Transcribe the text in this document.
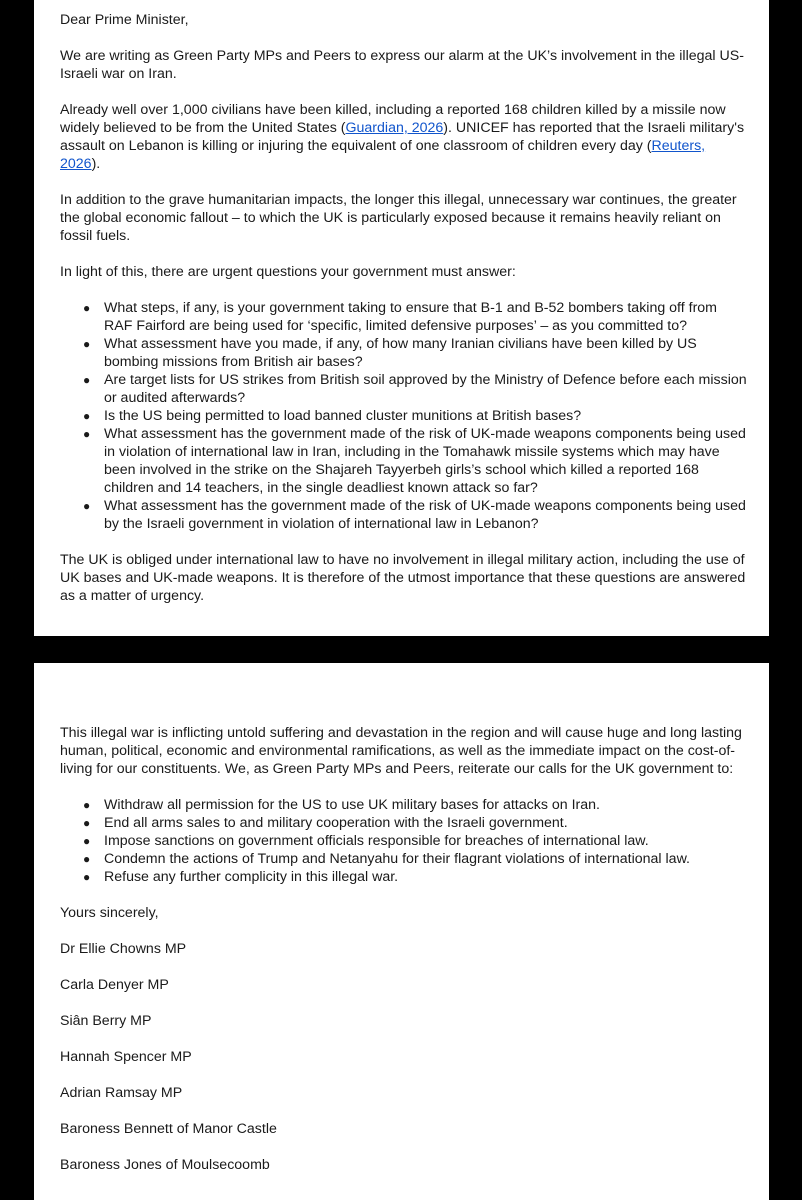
Dear Prime Minister,

We are writing as Green Party MPs and Peers to express our alarm at the UK’s involvement in the illegal US-Israeli war on Iran.

Already well over 1,000 civilians have been killed, including a reported 168 children killed by a missile now widely believed to be from the United States (Guardian, 2026). UNICEF has reported that the Israeli military's assault on Lebanon is killing or injuring the equivalent of one classroom of children every day (Reuters, 2026).

In addition to the grave humanitarian impacts, the longer this illegal, unnecessary war continues, the greater the global economic fallout – to which the UK is particularly exposed because it remains heavily reliant on fossil fuels.

In light of this, there are urgent questions your government must answer:

● What steps, if any, is your government taking to ensure that B-1 and B-52 bombers taking off from RAF Fairford are being used for ‘specific, limited defensive purposes’ – as you committed to?
● What assessment have you made, if any, of how many Iranian civilians have been killed by US bombing missions from British air bases?
● Are target lists for US strikes from British soil approved by the Ministry of Defence before each mission or audited afterwards?
● Is the US being permitted to load banned cluster munitions at British bases?
● What assessment has the government made of the risk of UK-made weapons components being used in violation of international law in Iran, including in the Tomahawk missile systems which may have been involved in the strike on the Shajareh Tayyerbeh girls’s school which killed a reported 168 children and 14 teachers, in the single deadliest known attack so far?
● What assessment has the government made of the risk of UK-made weapons components being used by the Israeli government in violation of international law in Lebanon?

The UK is obliged under international law to have no involvement in illegal military action, including the use of UK bases and UK-made weapons. It is therefore of the utmost importance that these questions are answered as a matter of urgency.

This illegal war is inflicting untold suffering and devastation in the region and will cause huge and long lasting human, political, economic and environmental ramifications, as well as the immediate impact on the cost-of-living for our constituents. We, as Green Party MPs and Peers, reiterate our calls for the UK government to:

● Withdraw all permission for the US to use UK military bases for attacks on Iran.
● End all arms sales to and military cooperation with the Israeli government.
● Impose sanctions on government officials responsible for breaches of international law.
● Condemn the actions of Trump and Netanyahu for their flagrant violations of international law.
● Refuse any further complicity in this illegal war.

Yours sincerely,

Dr Ellie Chowns MP

Carla Denyer MP

Siân Berry MP

Hannah Spencer MP

Adrian Ramsay MP

Baroness Bennett of Manor Castle

Baroness Jones of Moulsecoomb
